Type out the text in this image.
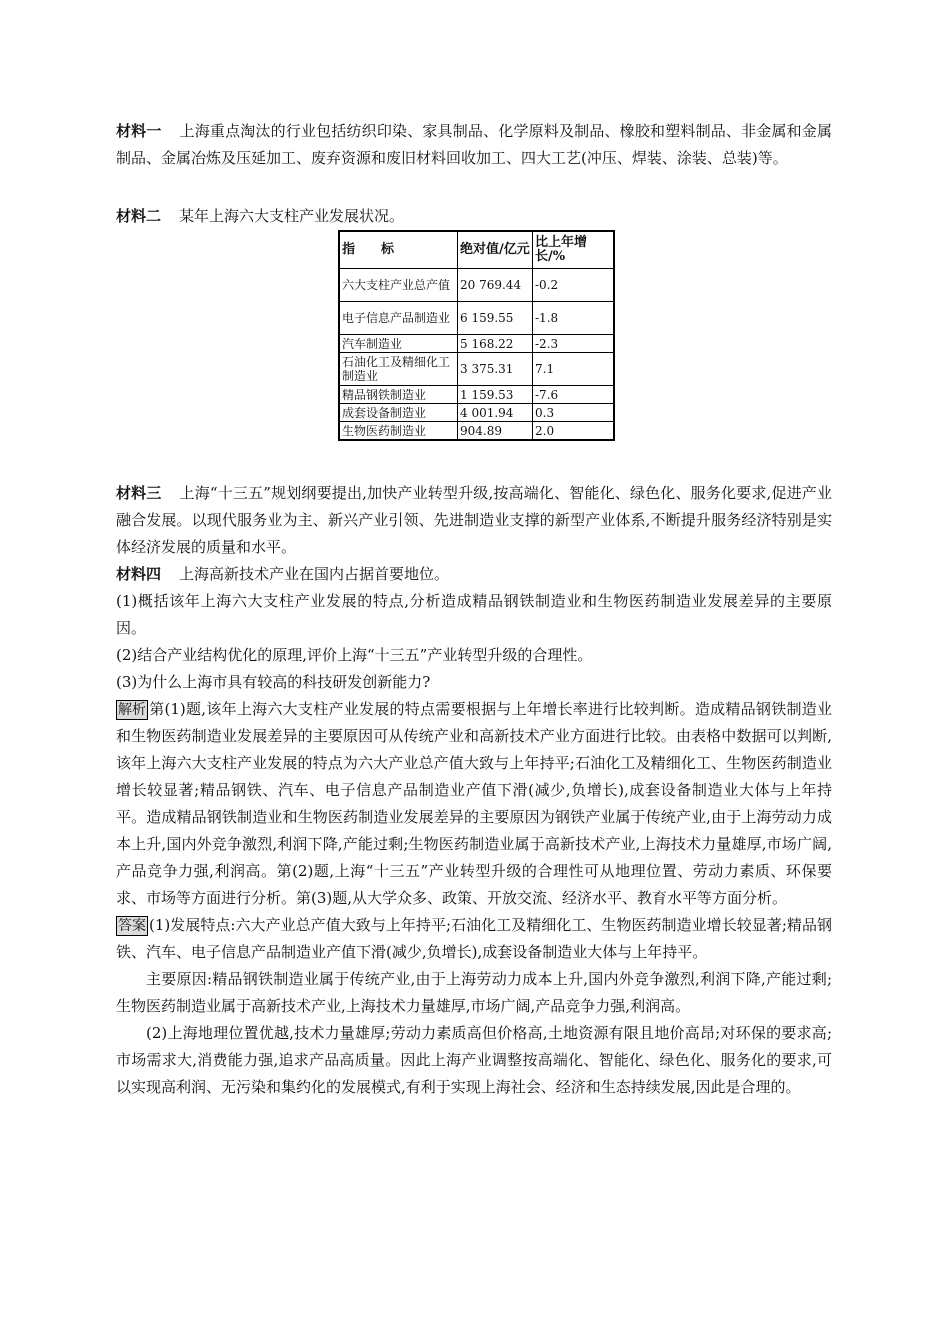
材料一 上海重点淘汰的行业包括纺织印染、家具制品、化学原料及制品、橡胶和塑料制品、非金属和金属制品、金属冶炼及压延加工、废弃资源和废旧材料回收加工、四大工艺(冲压、焊装、涂装、总装)等。

材料二 某年上海六大支柱产业发展状况。

指　　标	绝对值/亿元	比上年增长/%
六大支柱产业总产值	20 769.44	-0.2
电子信息产品制造业	6 159.55	-1.8
汽车制造业	5 168.22	-2.3
石油化工及精细化工制造业	3 375.31	7.1
精品钢铁制造业	1 159.53	-7.6
成套设备制造业	4 001.94	0.3
生物医药制造业	904.89	2.0

材料三 上海“十三五”规划纲要提出,加快产业转型升级,按高端化、智能化、绿色化、服务化要求,促进产业融合发展。以现代服务业为主、新兴产业引领、先进制造业支撑的新型产业体系,不断提升服务经济特别是实体经济发展的质量和水平。

材料四 上海高新技术产业在国内占据首要地位。

(1)概括该年上海六大支柱产业发展的特点,分析造成精品钢铁制造业和生物医药制造业发展差异的主要原因。

(2)结合产业结构优化的原理,评价上海“十三五”产业转型升级的合理性。

(3)为什么上海市具有较高的科技研发创新能力?

解析 第(1)题,该年上海六大支柱产业发展的特点需要根据与上年增长率进行比较判断。造成精品钢铁制造业和生物医药制造业发展差异的主要原因可从传统产业和高新技术产业方面进行比较。由表格中数据可以判断,该年上海六大支柱产业发展的特点为六大产业总产值大致与上年持平;石油化工及精细化工、生物医药制造业增长较显著;精品钢铁、汽车、电子信息产品制造业产值下滑(减少,负增长),成套设备制造业大体与上年持平。造成精品钢铁制造业和生物医药制造业发展差异的主要原因为钢铁产业属于传统产业,由于上海劳动力成本上升,国内外竞争激烈,利润下降,产能过剩;生物医药制造业属于高新技术产业,上海技术力量雄厚,市场广阔,产品竞争力强,利润高。第(2)题,上海“十三五”产业转型升级的合理性可从地理位置、劳动力素质、环保要求、市场等方面进行分析。第(3)题,从大学众多、政策、开放交流、经济水平、教育水平等方面分析。

答案 (1)发展特点:六大产业总产值大致与上年持平;石油化工及精细化工、生物医药制造业增长较显著;精品钢铁、汽车、电子信息产品制造业产值下滑(减少,负增长),成套设备制造业大体与上年持平。

主要原因:精品钢铁制造业属于传统产业,由于上海劳动力成本上升,国内外竞争激烈,利润下降,产能过剩;生物医药制造业属于高新技术产业,上海技术力量雄厚,市场广阔,产品竞争力强,利润高。

(2)上海地理位置优越,技术力量雄厚;劳动力素质高但价格高,土地资源有限且地价高昂;对环保的要求高;市场需求大,消费能力强,追求产品高质量。因此上海产业调整按高端化、智能化、绿色化、服务化的要求,可以实现高利润、无污染和集约化的发展模式,有利于实现上海社会、经济和生态持续发展,因此是合理的。
